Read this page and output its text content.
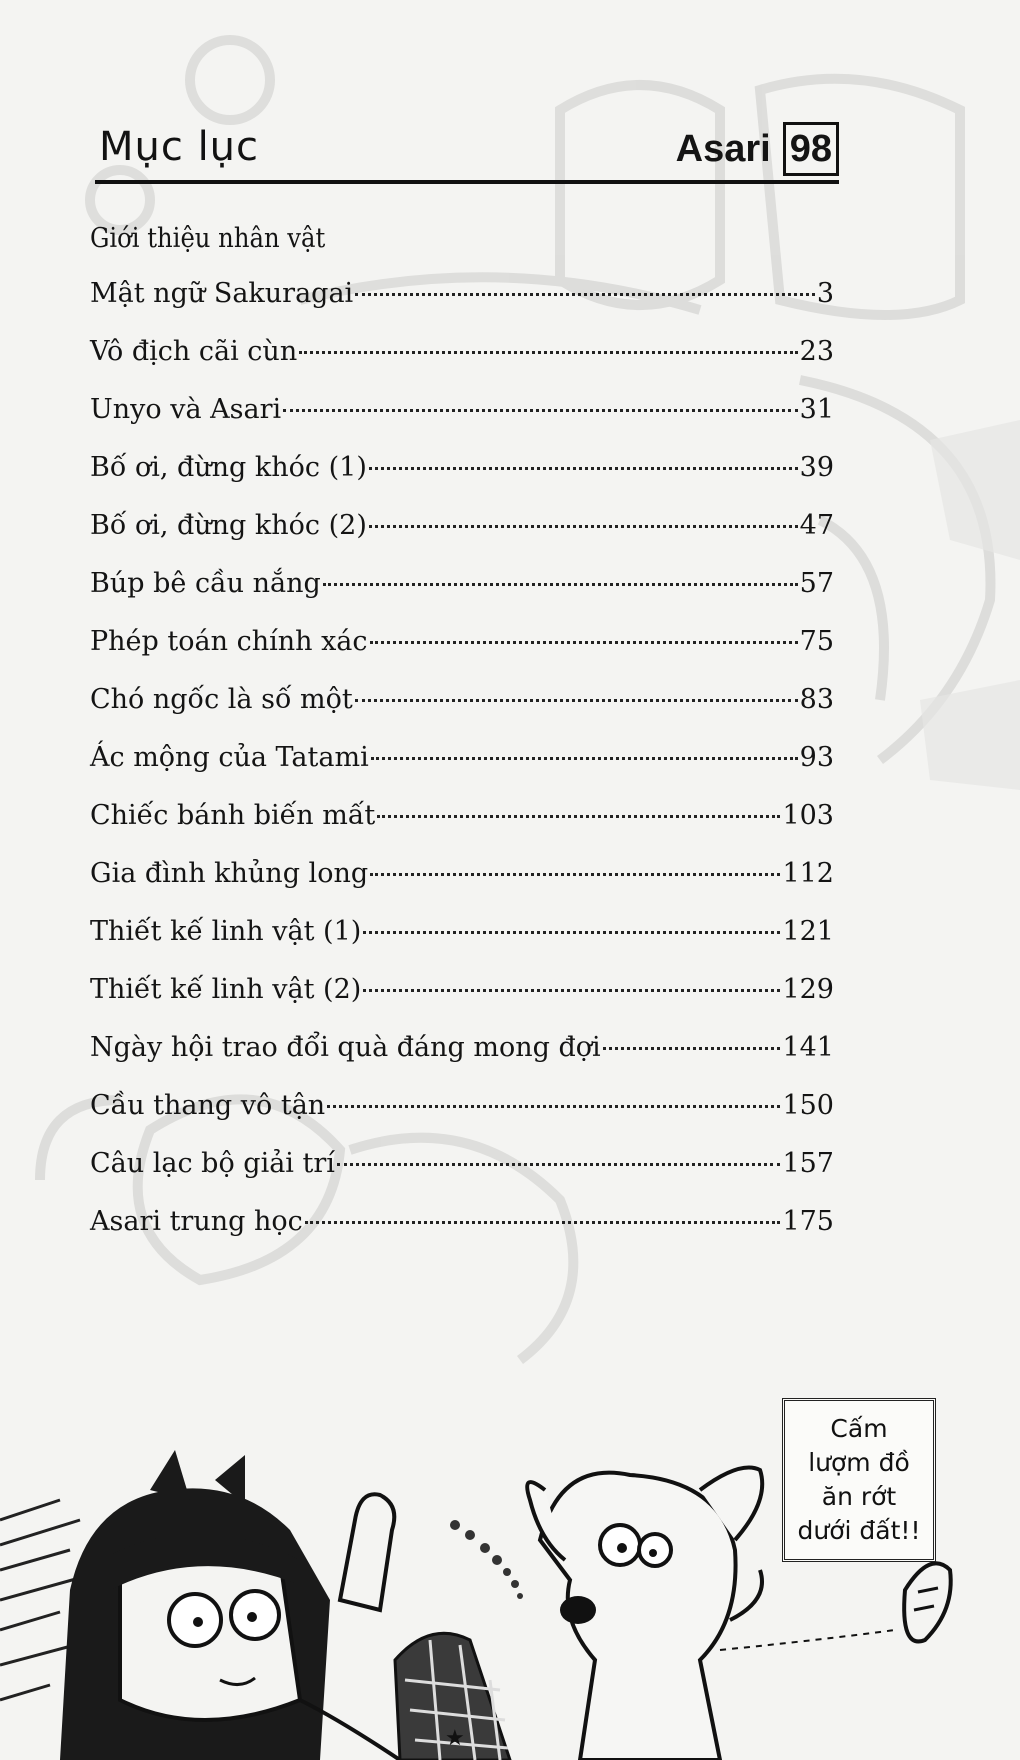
Mục lục	Asari 98
Giới thiệu nhân vật
Mật ngữ Sakuragai	3
Vô địch cãi cùn	23
Unyo và Asari	31
Bố ơi, đừng khóc (1)	39
Bố ơi, đừng khóc (2)	47
Búp bê cầu nắng	57
Phép toán chính xác	75
Chó ngốc là số một	83
Ác mộng của Tatami	93
Chiếc bánh biến mất	103
Gia đình khủng long	112
Thiết kế linh vật (1)	121
Thiết kế linh vật (2)	129
Ngày hội trao đổi quà đáng mong đợi	141
Cầu thang vô tận	150
Câu lạc bộ giải trí	157
Asari trung học	175
★
Cấm
lượm đồ
ăn rớt
dưới đất!!
